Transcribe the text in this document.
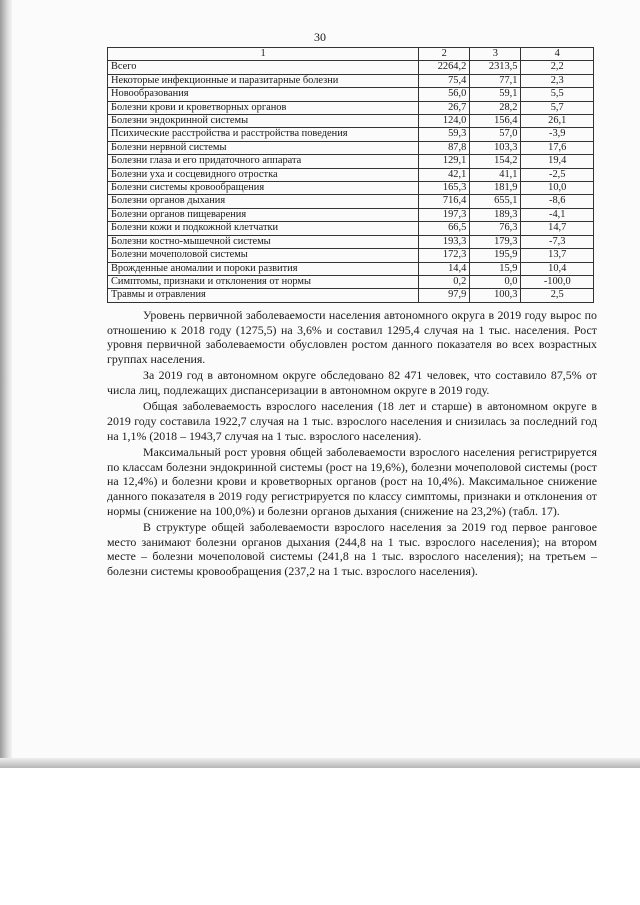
30
1	2	3	4
Всего	2264,2	2313,5	2,2
Некоторые инфекционные и паразитарные болезни	75,4	77,1	2,3
Новообразования	56,0	59,1	5,5
Болезни крови и кроветворных органов	26,7	28,2	5,7
Болезни эндокринной системы	124,0	156,4	26,1
Психические расстройства и расстройства поведения	59,3	57,0	-3,9
Болезни нервной системы	87,8	103,3	17,6
Болезни глаза и его придаточного аппарата	129,1	154,2	19,4
Болезни уха и сосцевидного отростка	42,1	41,1	-2,5
Болезни системы кровообращения	165,3	181,9	10,0
Болезни органов дыхания	716,4	655,1	-8,6
Болезни органов пищеварения	197,3	189,3	-4,1
Болезни кожи и подкожной клетчатки	66,5	76,3	14,7
Болезни костно-мышечной системы	193,3	179,3	-7,3
Болезни мочеполовой системы	172,3	195,9	13,7
Врожденные аномалии и пороки развития	14,4	15,9	10,4
Симптомы, признаки и отклонения от нормы	0,2	0,0	-100,0
Травмы и отравления	97,9	100,3	2,5

Уровень первичной заболеваемости населения автономного округа в 2019 году вырос по отношению к 2018 году (1275,5) на 3,6% и составил 1295,4 случая на 1 тыс. населения. Рост уровня первичной заболеваемости обусловлен ростом данного показателя во всех возрастных группах населения.

За 2019 год в автономном округе обследовано 82 471 человек, что составило 87,5% от числа лиц, подлежащих диспансеризации в автономном округе в 2019 году.

Общая заболеваемость взрослого населения (18 лет и старше) в автономном округе в 2019 году составила 1922,7 случая на 1 тыс. взрослого населения и снизилась за последний год на 1,1% (2018 – 1943,7 случая на 1 тыс. взрослого населения).

Максимальный рост уровня общей заболеваемости взрослого населения регистрируется по классам болезни эндокринной системы (рост на 19,6%), болезни мочеполовой системы (рост на 12,4%) и болезни крови и кроветворных органов (рост на 10,4%). Максимальное снижение данного показателя в 2019 году регистрируется по классу симптомы, признаки и отклонения от нормы (снижение на 100,0%) и болезни органов дыхания (снижение на 23,2%) (табл. 17).

В структуре общей заболеваемости взрослого населения за 2019 год первое ранговое место занимают болезни органов дыхания (244,8 на 1 тыс. взрослого населения); на втором месте – болезни мочеполовой системы (241,8 на 1 тыс. взрослого населения); на третьем – болезни системы кровообращения (237,2 на 1 тыс. взрослого населения).
